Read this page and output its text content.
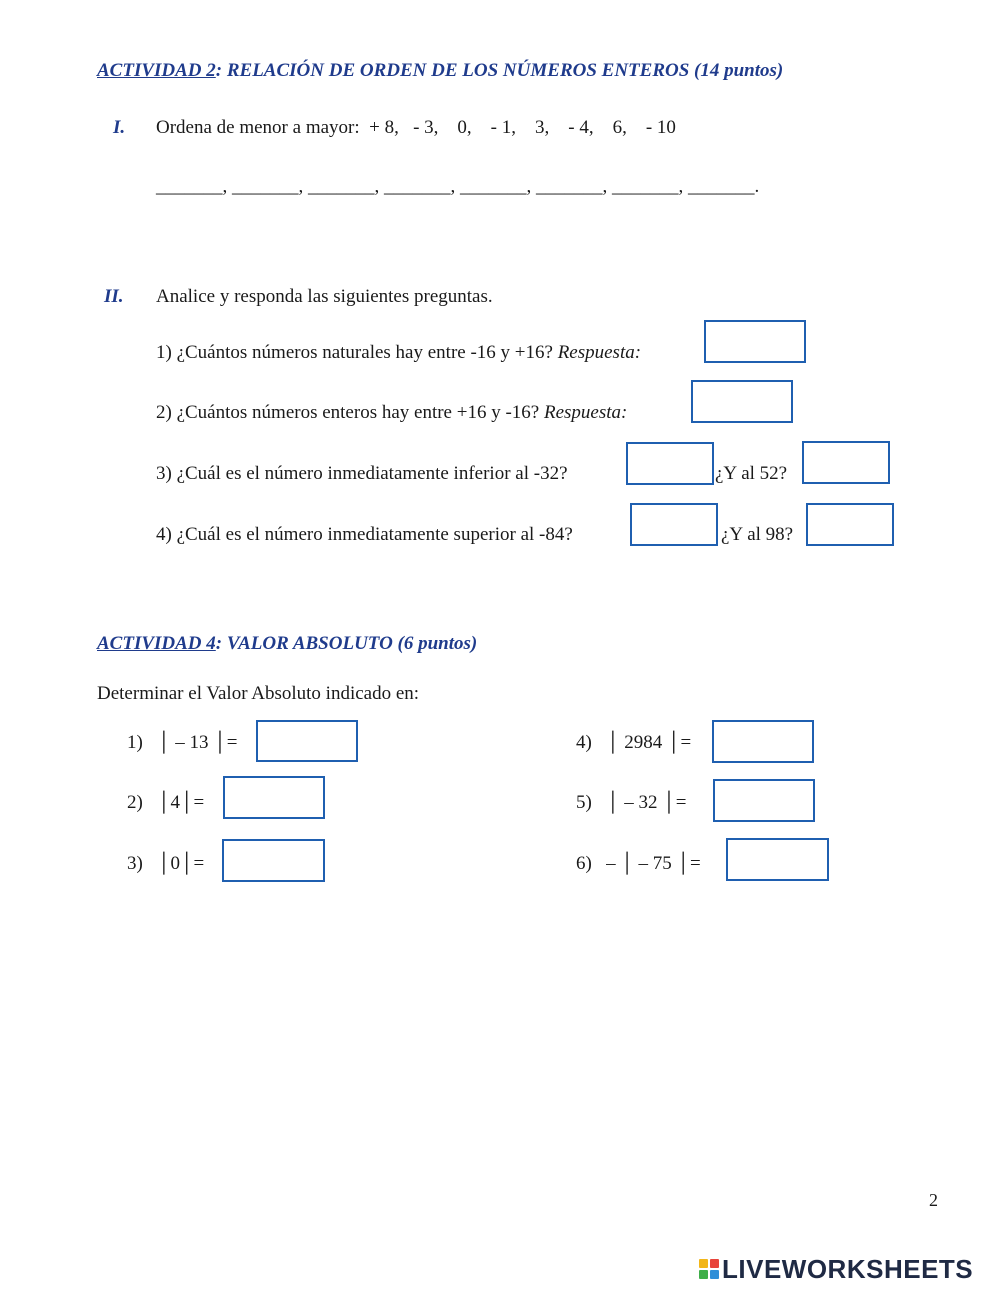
ACTIVIDAD 2: RELACIÓN DE ORDEN DE LOS NÚMEROS ENTEROS (14 puntos)
I. Ordena de menor a mayor: + 8,   - 3,    0,    - 1,    3,    - 4,    6,    - 10
_______, _______, _______, _______, _______, _______, _______, _______.
II. Analice y responda las siguientes preguntas.
1) ¿Cuántos números naturales hay entre -16 y +16? Respuesta:
2) ¿Cuántos números enteros hay entre +16 y -16? Respuesta:
3) ¿Cuál es el número inmediatamente inferior al -32?	¿Y al 52?
4) ¿Cuál es el número inmediatamente superior al -84?	¿Y al 98?
ACTIVIDAD 4: VALOR ABSOLUTO (6 puntos)
Determinar el Valor Absoluto indicado en:
1) │ – 13 │=
2) │4│=
3) │0│=
4) │ 2984 │=
5) │ – 32 │=
6) – │ – 75 │=
2
LIVEWORKSHEETS
